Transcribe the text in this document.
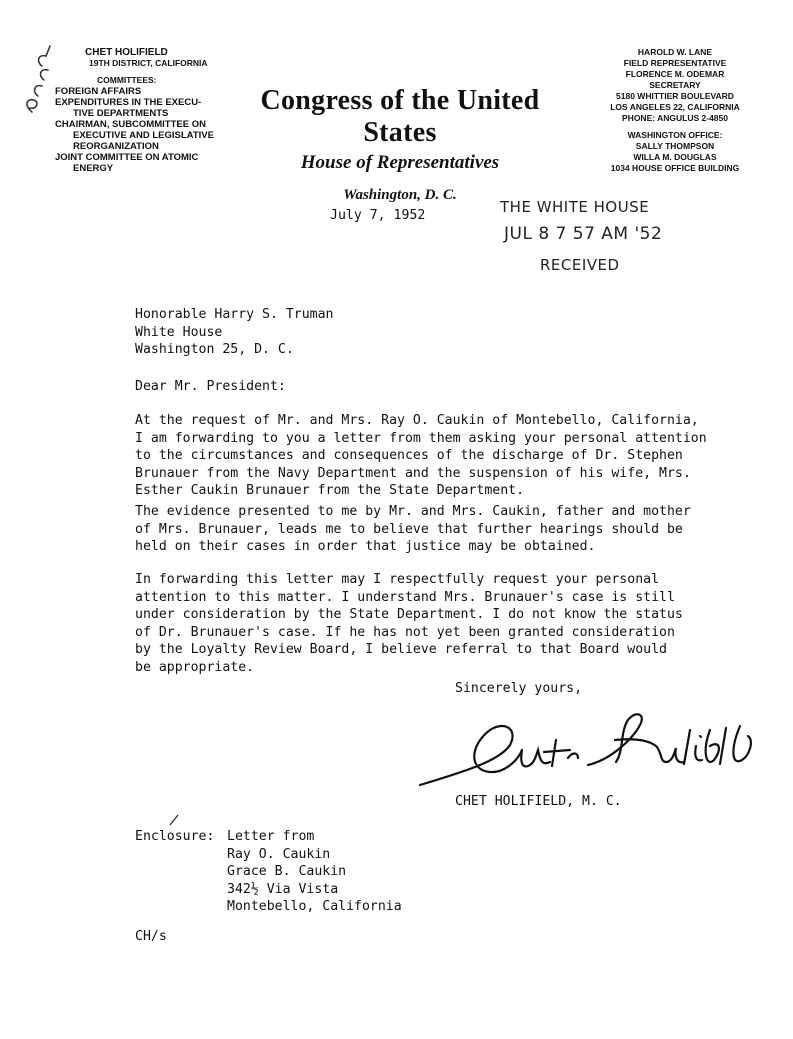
CHET HOLIFIELD
19TH DISTRICT, CALIFORNIA
COMMITTEES:
FOREIGN AFFAIRS
EXPENDITURES IN THE EXECU-
TIVE DEPARTMENTS
CHAIRMAN, SUBCOMMITTEE ON
EXECUTIVE AND LEGISLATIVE
REORGANIZATION
JOINT COMMITTEE ON ATOMIC
ENERGY
Congress of the United States
House of Representatives
Washington, D. C.
HAROLD W. LANE
FIELD REPRESENTATIVE
FLORENCE M. ODEMAR
SECRETARY
5180 WHITTIER BOULEVARD
LOS ANGELES 22, CALIFORNIA
PHONE: ANGULUS 2-4850
WASHINGTON OFFICE:
SALLY THOMPSON
WILLA M. DOUGLAS
1034 HOUSE OFFICE BUILDING
July 7, 1952	THE WHITE HOUSE
JUL 8 7 57 AM '52
RECEIVED
Honorable Harry S. Truman
White House
Washington 25, D. C.
Dear Mr. President:
At the request of Mr. and Mrs. Ray O. Caukin of Montebello, California,
I am forwarding to you a letter from them asking your personal attention
to the circumstances and consequences of the discharge of Dr. Stephen
Brunauer from the Navy Department and the suspension of his wife, Mrs.
Esther Caukin Brunauer from the State Department.
The evidence presented to me by Mr. and Mrs. Caukin, father and mother
of Mrs. Brunauer, leads me to believe that further hearings should be
held on their cases in order that justice may be obtained.
In forwarding this letter may I respectfully request your personal
attention to this matter. I understand Mrs. Brunauer's case is still
under consideration by the State Department. I do not know the status
of Dr. Brunauer's case. If he has not yet been granted consideration
by the Loyalty Review Board, I believe referral to that Board would
be appropriate.
Sincerely yours,
CHET HOLIFIELD, M. C.
Enclosure: Letter from
Ray O. Caukin
Grace B. Caukin
342½ Via Vista
Montebello, California
CH/s
